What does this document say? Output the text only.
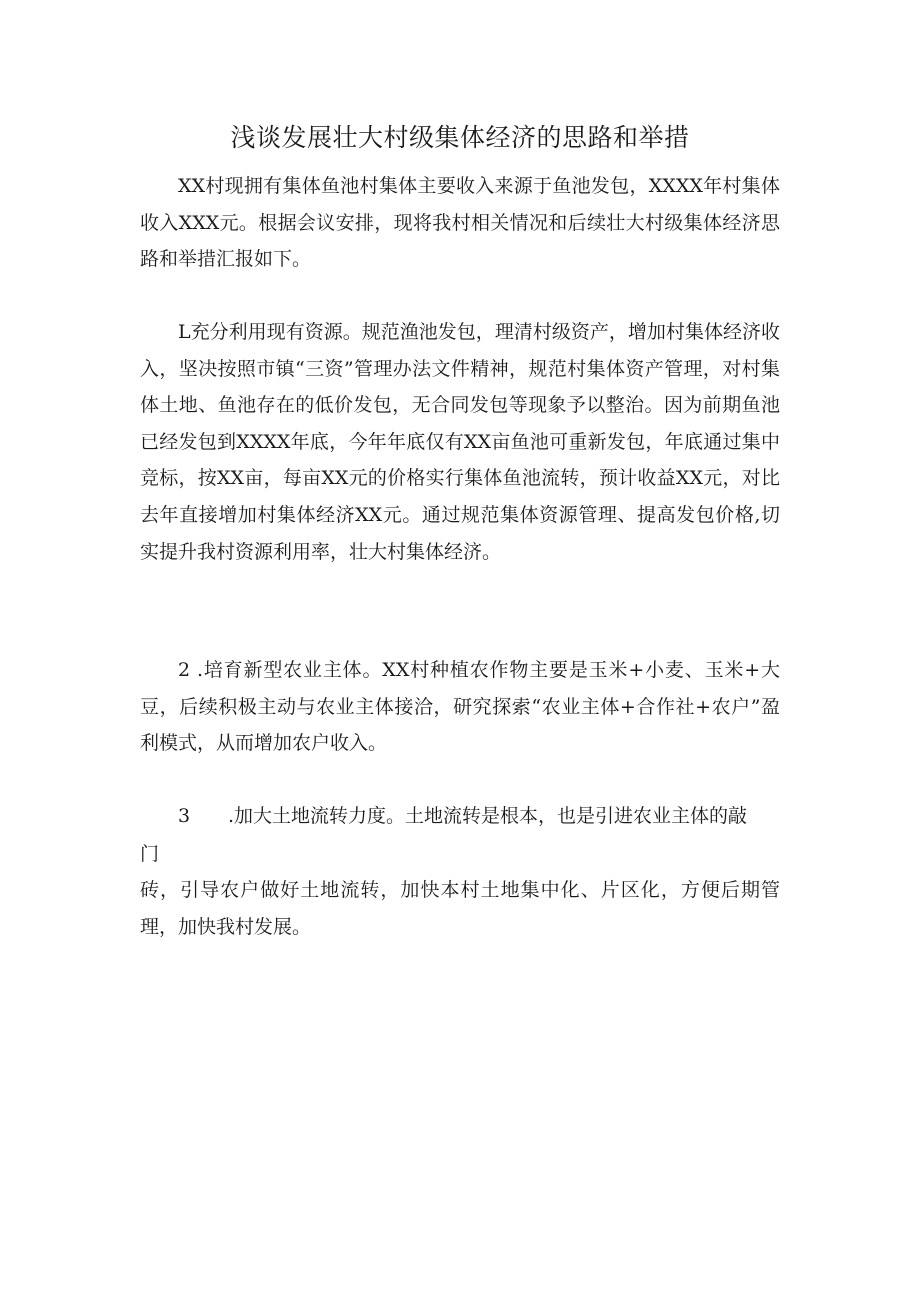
浅谈发展壮大村级集体经济的思路和举措

XX村现拥有集体鱼池村集体主要收入来源于鱼池发包，XXXX年村集体收入XXX元。根据会议安排，现将我村相关情况和后续壮大村级集体经济思路和举措汇报如下。

L充分利用现有资源。规范渔池发包，理清村级资产，增加村集体经济收入，坚决按照市镇“三资”管理办法文件精神，规范村集体资产管理，对村集体土地、鱼池存在的低价发包，无合同发包等现象予以整治。因为前期鱼池已经发包到XXXX年底，今年年底仅有XX亩鱼池可重新发包，年底通过集中竞标，按XX亩，每亩XX元的价格实行集体鱼池流转，预计收益XX元，对比去年直接增加村集体经济XX元。通过规范集体资源管理、提高发包价格,切实提升我村资源利用率，壮大村集体经济。

2 .培育新型农业主体。XX村种植农作物主要是玉米+小麦、玉米+大豆，后续积极主动与农业主体接洽，研究探索“农业主体+合作社+农户”盈利模式，从而增加农户收入。

3 .加大土地流转力度。土地流转是根本，也是引进农业主体的敲

门

砖，引导农户做好土地流转，加快本村土地集中化、片区化，方便后期管理，加快我村发展。
